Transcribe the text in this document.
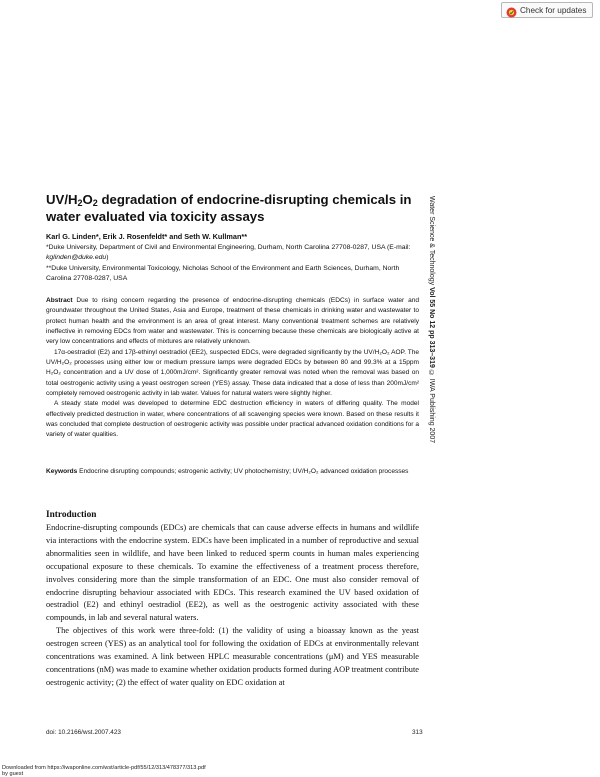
Check for updates
$UV/H_2O_2$ degradation of endocrine-disrupting chemicals in water evaluated via toxicity assays
Karl G. Linden*, Erik J. Rosenfeldt* and Seth W. Kullman**
*Duke University, Department of Civil and Environmental Engineering, Durham, North Carolina 27708-0287, USA (E-mail: kglinden@duke.edu)
**Duke University, Environmental Toxicology, Nicholas School of the Environment and Earth Sciences, Durham, North Carolina 27708-0287, USA

Abstract Due to rising concern regarding the presence of endocrine-disrupting chemicals (EDCs) in surface water and groundwater throughout the United States, Asia and Europe, treatment of these chemicals in drinking water and wastewater to protect human health and the environment is an area of great interest. Many conventional treatment schemes are relatively ineffective in removing EDCs from water and wastewater. This is concerning because these chemicals are biologically active at very low concentrations and effects of mixtures are relatively unknown.

17α-oestradiol (E2) and 17β-ethinyl oestradiol (EE2), suspected EDCs, were degraded significantly by the UV/H₂O₂ AOP. The UV/H₂O₂ processes using either low or medium pressure lamps were degraded EDCs by between 80 and 99.3% at a 15ppm H₂O₂ concentration and a UV dose of 1,000mJ/cm². Significantly greater removal was noted when the removal was based on total oestrogenic activity using a yeast oestrogen screen (YES) assay. These data indicated that a dose of less than 200mJ/cm² completely removed oestrogenic activity in lab water. Values for natural waters were slightly higher.

A steady state model was developed to determine EDC destruction efficiency in waters of differing quality. The model effectively predicted destruction in water, where concentrations of all scavenging species were known. Based on these results it was concluded that complete destruction of oestrogenic activity was possible under practical advanced oxidation conditions for a variety of water qualities.

Keywords Endocrine disrupting compounds; estrogenic activity; UV photochemistry; UV/H₂O₂ advanced oxidation processes
Water Science & Technology Vol 55 No 12 pp 313–319 © IWA Publishing 2007
Introduction

Endocrine-disrupting compounds (EDCs) are chemicals that can cause adverse effects in humans and wildlife via interactions with the endocrine system. EDCs have been implicated in a number of reproductive and sexual abnormalities seen in wildlife, and have been linked to reduced sperm counts in human males experiencing occupational exposure to these chemicals. To examine the effectiveness of a treatment process therefore, involves considering more than the simple transformation of an EDC. One must also consider removal of endocrine disrupting behaviour associated with EDCs. This research examined the UV based oxidation of oestradiol (E2) and ethinyl oestradiol (EE2), as well as the oestrogenic activity associated with these compounds, in lab and several natural waters.

The objectives of this work were three-fold: (1) the validity of using a bioassay known as the yeast oestrogen screen (YES) as an analytical tool for following the oxidation of EDCs at environmentally relevant concentrations was examined. A link between HPLC measurable concentrations (μM) and YES measurable concentrations (nM) was made to examine whether oxidation products formed during AOP treatment contribute oestrogenic activity; (2) the effect of water quality on EDC oxidation at

doi: 10.2166/wst.2007.423	313
Downloaded from https://iwaponline.com/wst/article-pdf/55/12/313/478377/313.pdf
by guest
